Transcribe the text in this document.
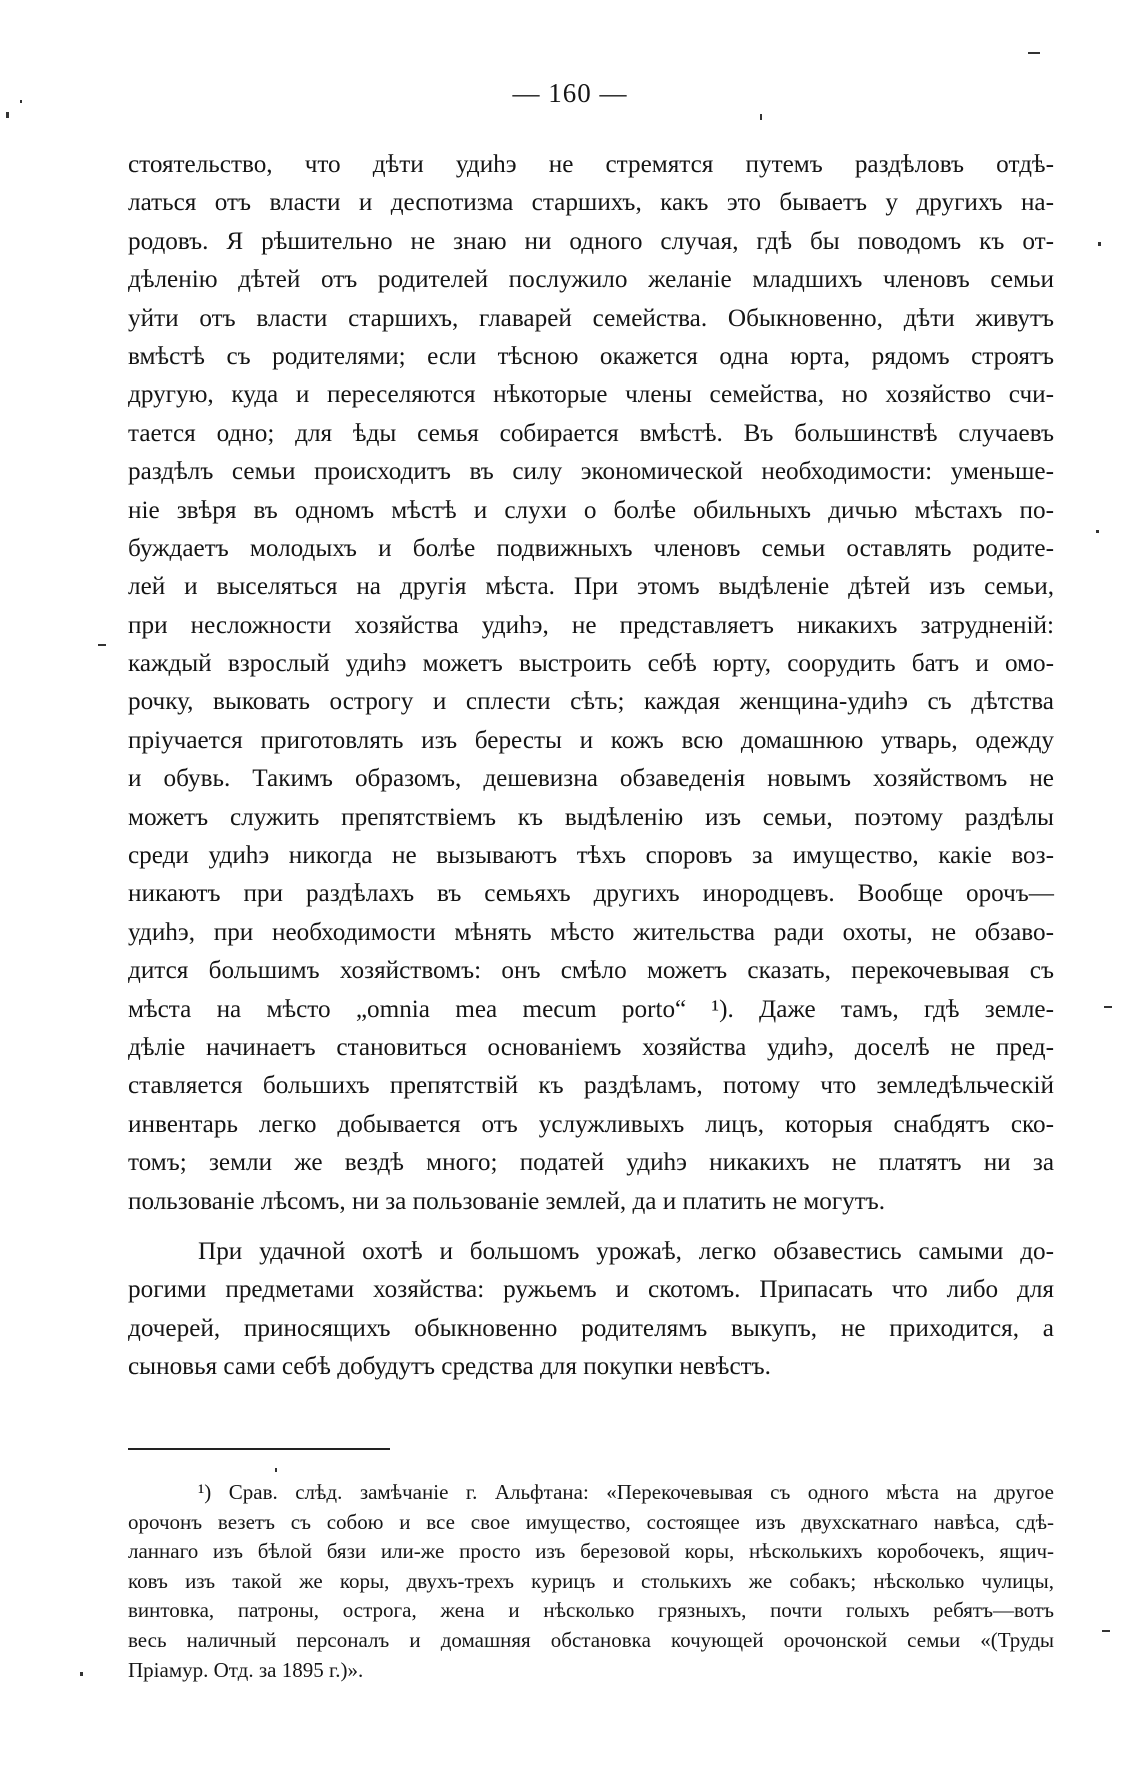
— 160 —
стоятельство, что дѣти удиhэ не стремятся путемъ раздѣловъ отдѣ-
латься отъ власти и деспотизма старшихъ, какъ это бываетъ у другихъ на-
родовъ. Я рѣшительно не знаю ни одного случая, гдѣ бы поводомъ къ от-
дѣленію дѣтей отъ родителей послужило желаніе младшихъ членовъ семьи
уйти отъ власти старшихъ, главарей семейства. Обыкновенно, дѣти живутъ
вмѣстѣ съ родителями; если тѣсною окажется одна юрта, рядомъ строятъ
другую, куда и переселяются нѣкоторые члены семейства, но хозяйство счи-
тается одно; для ѣды семья собирается вмѣстѣ. Въ большинствѣ случаевъ
раздѣлъ семьи происходитъ въ силу экономической необходимости: уменьше-
ніе звѣря въ одномъ мѣстѣ и слухи о болѣе обильныхъ дичью мѣстахъ по-
буждаетъ молодыхъ и болѣе подвижныхъ членовъ семьи оставлять родите-
лей и выселяться на другія мѣста. При этомъ выдѣленіе дѣтей изъ семьи,
при несложности хозяйства удиhэ, не представляетъ никакихъ затрудненій:
каждый взрослый удиhэ можетъ выстроить себѣ юрту, соорудить батъ и омо-
рочку, выковать острогу и сплести сѣть; каждая женщина-удиhэ съ дѣтства
пріучается приготовлять изъ бересты и кожъ всю домашнюю утварь, одежду
и обувь. Такимъ образомъ, дешевизна обзаведенія новымъ хозяйствомъ не
можетъ служить препятствіемъ къ выдѣленію изъ семьи, поэтому раздѣлы
среди удиhэ никогда не вызываютъ тѣхъ споровъ за имущество, какіе воз-
никаютъ при раздѣлахъ въ семьяхъ другихъ инородцевъ. Вообще орочъ—
удиhэ, при необходимости мѣнять мѣсто жительства ради охоты, не обзаво-
дится большимъ хозяйствомъ: онъ смѣло можетъ сказать, перекочевывая съ
мѣста на мѣсто „omnia mea mecum porto“ ¹). Даже тамъ, гдѣ земле-
дѣліе начинаетъ становиться основаніемъ хозяйства удиhэ, доселѣ не пред-
ставляется большихъ препятствій къ раздѣламъ, потому что земледѣльческій
инвентарь легко добывается отъ услужливыхъ лицъ, которыя снабдятъ ско-
томъ; земли же вездѣ много; податей удиhэ никакихъ не платятъ ни за
пользованіе лѣсомъ, ни за пользованіе землей, да и платить не могутъ.
При удачной охотѣ и большомъ урожаѣ, легко обзавестись самыми до-
рогими предметами хозяйства: ружьемъ и скотомъ. Припасать что либо для
дочерей, приносящихъ обыкновенно родителямъ выкупъ, не приходится, а
сыновья сами себѣ добудутъ средства для покупки невѣстъ.
¹) Срав. слѣд. замѣчаніе г. Альфтана: «Перекочевывая съ одного мѣста на другое
орочонъ везетъ съ собою и все свое имущество, состоящее изъ двухскатнаго навѣса, сдѣ-
ланнаго изъ бѣлой бязи или-же просто изъ березовой коры, нѣсколькихъ коробочекъ, ящич-
ковъ изъ такой же коры, двухъ-трехъ курицъ и столькихъ же собакъ; нѣсколько чулицы,
винтовка, патроны, острога, жена и нѣсколько грязныхъ, почти голыхъ ребятъ—вотъ
весь наличный персоналъ и домашняя обстановка кочующей орочонской семьи «(Труды
Пріамур. Отд. за 1895 г.)».
